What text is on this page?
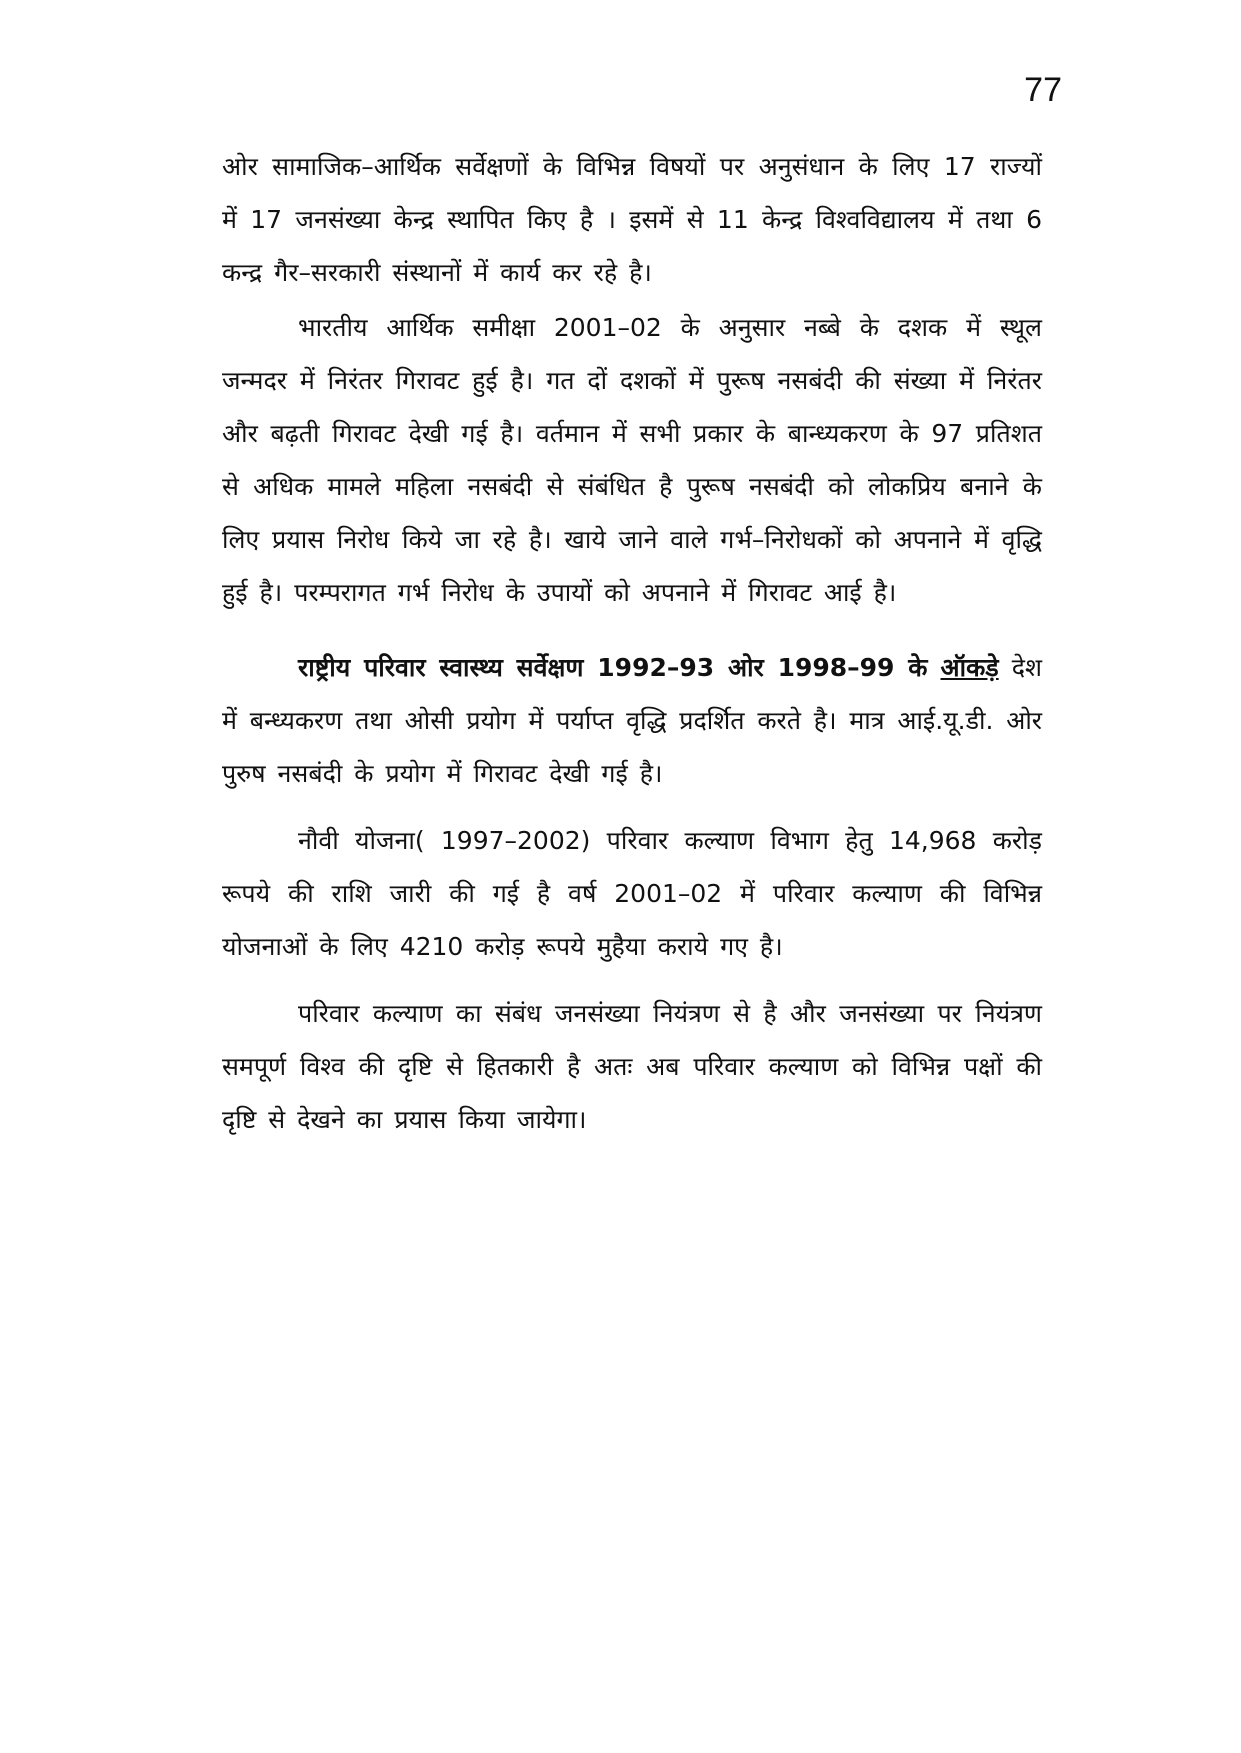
77

ओर सामाजिक–आर्थिक सर्वेक्षणों के विभिन्न विषयों पर अनुसंधान के लिए 17 राज्यों में 17 जनसंख्या केन्द्र स्थापित किए है । इसमें से 11 केन्द्र विश्वविद्यालय में तथा 6 कन्द्र गैर–सरकारी संस्थानों में कार्य कर रहे है।

भारतीय आर्थिक समीक्षा 2001–02 के अनुसार नब्बे के दशक में स्थूल जन्मदर में निरंतर गिरावट हुई है। गत दों दशकों में पुरूष नसबंदी की संख्या में निरंतर और बढ़ती गिरावट देखी गई है। वर्तमान में सभी प्रकार के बान्ध्यकरण के 97 प्रतिशत से अधिक मामले महिला नसबंदी से संबंधित है पुरूष नसबंदी को लोकप्रिय बनाने के लिए प्रयास निरोध किये जा रहे है। खाये जाने वाले गर्भ–निरोधकों को अपनाने में वृद्धि हुई है। परम्परागत गर्भ निरोध के उपायों को अपनाने में गिरावट आई है।

राष्ट्रीय परिवार स्वास्थ्य सर्वेक्षण 1992–93 ओर 1998–99 के ऑकड़े देश में बन्ध्यकरण तथा ओसी प्रयोग में पर्याप्त वृद्धि प्रदर्शित करते है। मात्र आई.यू.डी. ओर पुरुष नसबंदी के प्रयोग में गिरावट देखी गई है।

नौवी योजना( 1997–2002) परिवार कल्याण विभाग हेतु 14,968 करोड़ रूपये की राशि जारी की गई है वर्ष 2001–02 में परिवार कल्याण की विभिन्न योजनाओं के लिए 4210 करोड़ रूपये मुहैया कराये गए है।

परिवार कल्याण का संबंध जनसंख्या नियंत्रण से है और जनसंख्या पर नियंत्रण समपूर्ण विश्व की दृष्टि से हितकारी है अतः अब परिवार कल्याण को विभिन्न पक्षों की दृष्टि से देखने का प्रयास किया जायेगा।
